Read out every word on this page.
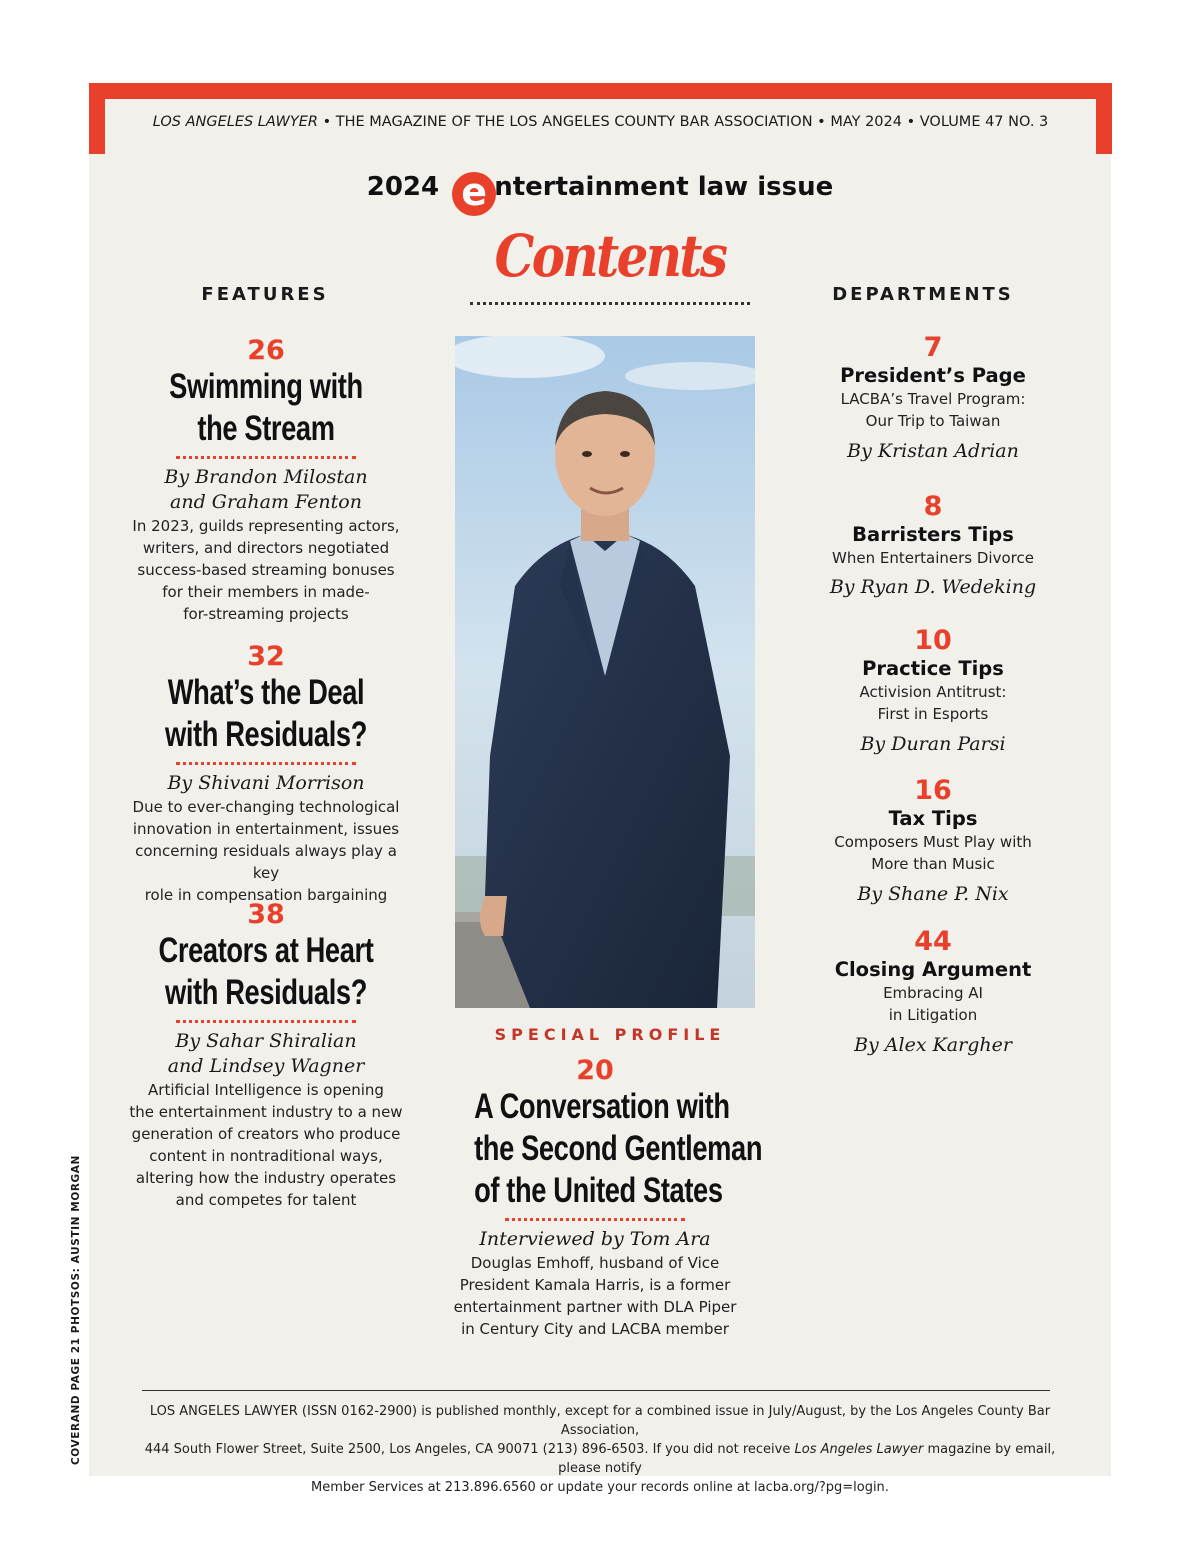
LOS ANGELES LAWYER • THE MAGAZINE OF THE LOS ANGELES COUNTY BAR ASSOCIATION • MAY 2024 • VOLUME 47 NO. 3
2024 e ntertainment law issue
Contents
FEATURES	DEPARTMENTS
26
Swimming with
the Stream
By Brandon Milostan
and Graham Fenton
In 2023, guilds representing actors,
writers, and directors negotiated
success-based streaming bonuses
for their members in made-
for-streaming projects
32
What’s the Deal
with Residuals?
By Shivani Morrison
Due to ever-changing technological
innovation in entertainment, issues
concerning residuals always play a key
role in compensation bargaining
38
Creators at Heart
with Residuals?
By Sahar Shiralian
and Lindsey Wagner
Artificial Intelligence is opening
the entertainment industry to a new
generation of creators who produce
content in nontraditional ways,
altering how the industry operates
and competes for talent
SPECIAL PROFILE
20
A Conversation with
the Second Gentleman
of the United States
Interviewed by Tom Ara
Douglas Emhoff, husband of Vice
President Kamala Harris, is a former
entertainment partner with DLA Piper
in Century City and LACBA member
7
President’s Page
LACBA’s Travel Program:
Our Trip to Taiwan
By Kristan Adrian
8
Barristers Tips
When Entertainers Divorce
By Ryan D. Wedeking
10
Practice Tips
Activision Antitrust:
First in Esports
By Duran Parsi
16
Tax Tips
Composers Must Play with
More than Music
By Shane P. Nix
44
Closing Argument
Embracing AI
in Litigation
By Alex Kargher
LOS ANGELES LAWYER (ISSN 0162-2900) is published monthly, except for a combined issue in July/August, by the Los Angeles County Bar Association,
444 South Flower Street, Suite 2500, Los Angeles, CA 90071 (213) 896-6503. If you did not receive Los Angeles Lawyer magazine by email, please notify
Member Services at 213.896.6560 or update your records online at lacba.org/?pg=login.
COVERAND PAGE 21 PHOTSOS: AUSTIN MORGAN
